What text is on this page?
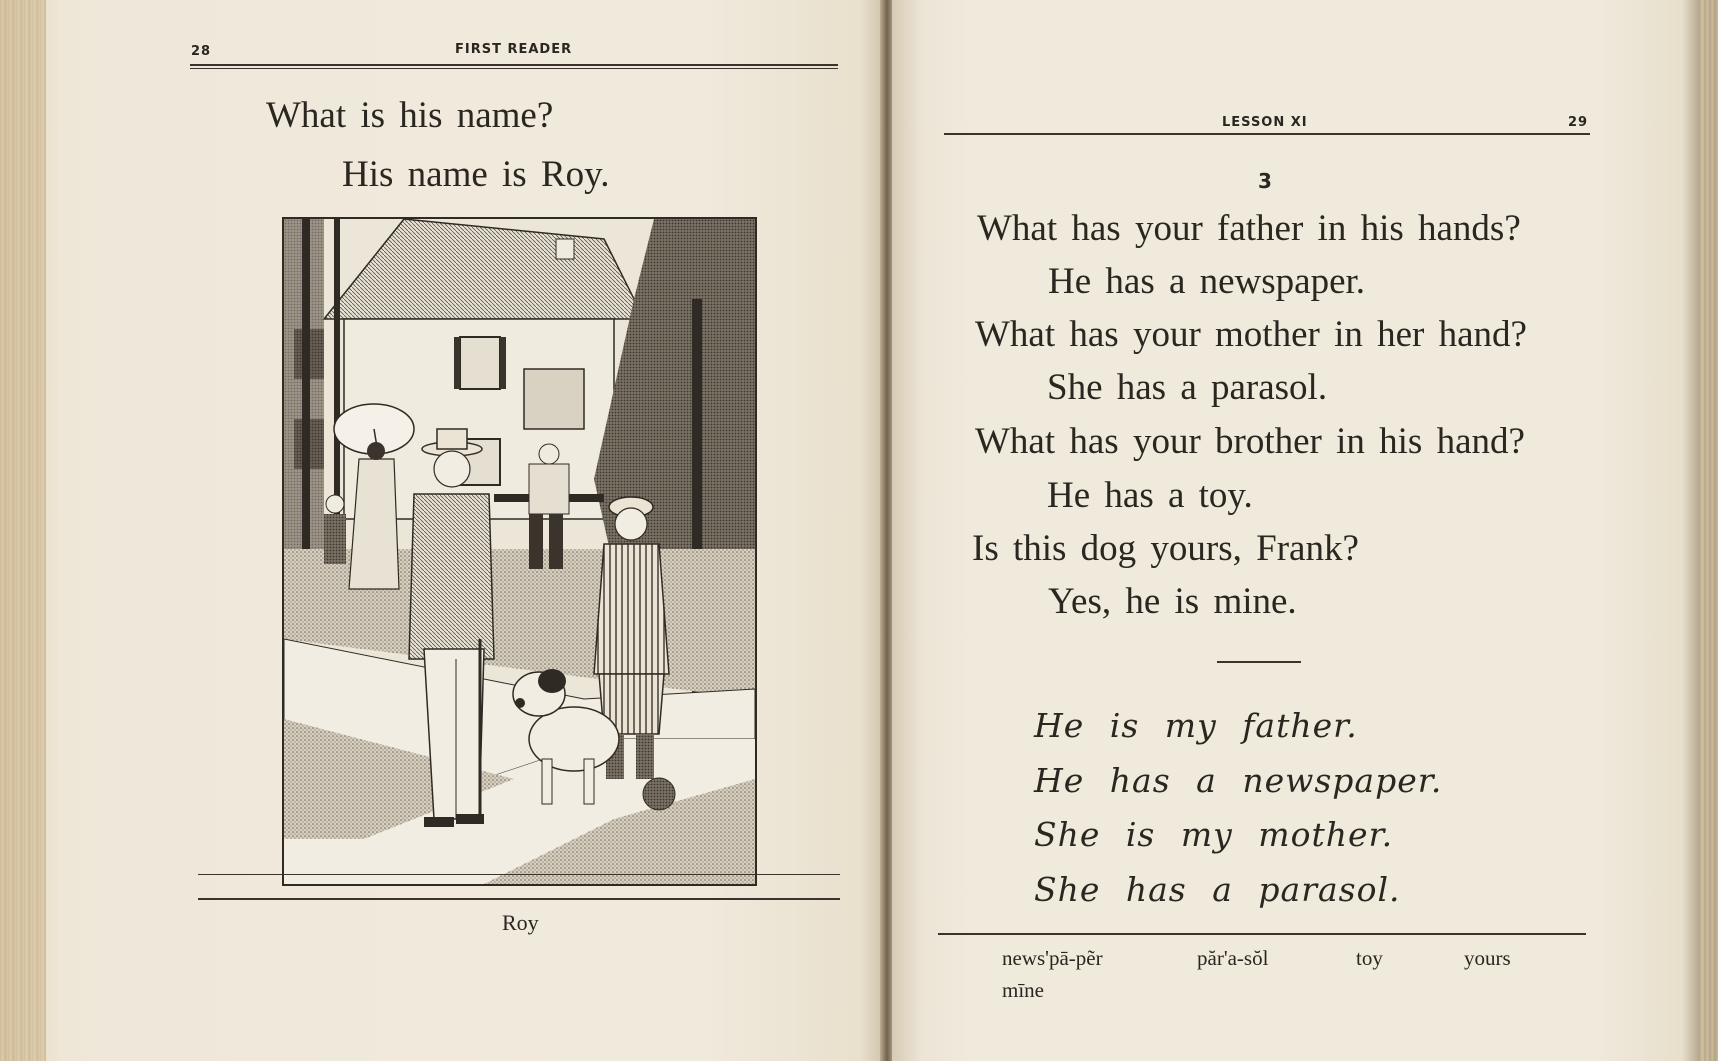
28	FIRST READER
What is his name?
His name is Roy.
Roy
LESSON XI	29
3
What has your father in his hands?
He has a newspaper.
What has your mother in her hand?
She has a parasol.
What has your brother in his hand?
He has a toy.
Is this dog yours, Frank?
Yes, he is mine.
He is my father.
He has a newspaper.
She is my mother.
She has a parasol.
news'pā-pẽr	păr'a-sŏl	toy	yours
mīne
